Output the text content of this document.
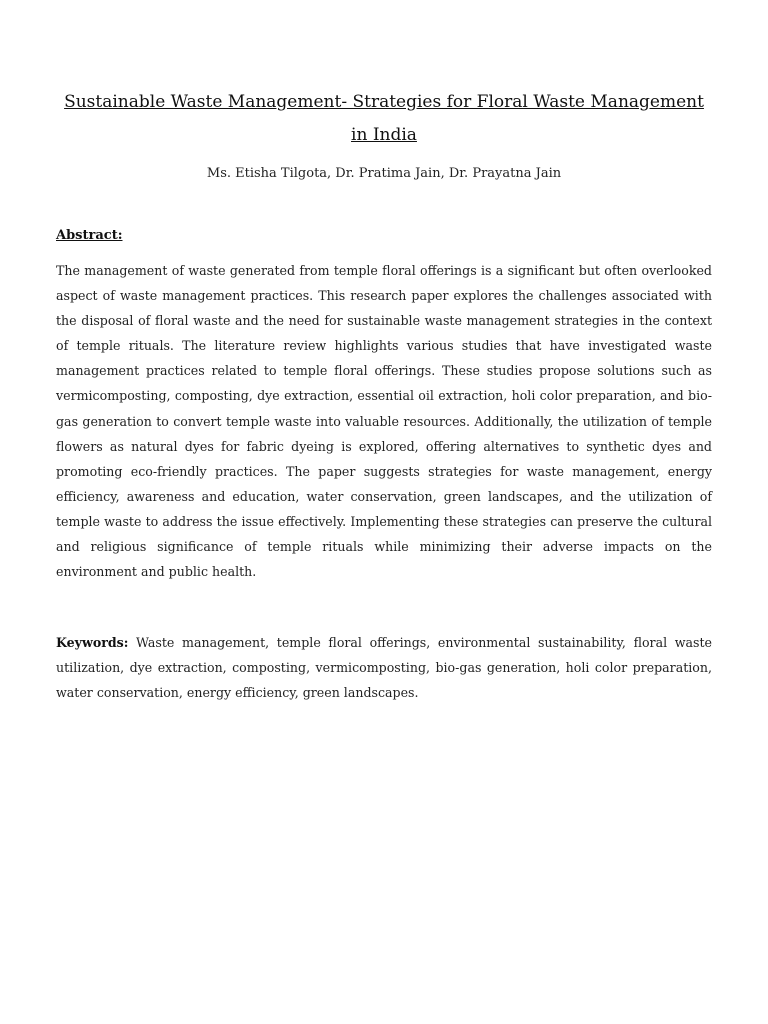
Sustainable Waste Management- Strategies for Floral Waste Management in India
Ms. Etisha Tilgota, Dr. Pratima Jain, Dr. Prayatna Jain
Abstract:

The management of waste generated from temple floral offerings is a significant but often overlooked aspect of waste management practices. This research paper explores the challenges associated with the disposal of floral waste and the need for sustainable waste management strategies in the context of temple rituals. The literature review highlights various studies that have investigated waste management practices related to temple floral offerings. These studies propose solutions such as vermicomposting, composting, dye extraction, essential oil extraction, holi color preparation, and bio-gas generation to convert temple waste into valuable resources. Additionally, the utilization of temple flowers as natural dyes for fabric dyeing is explored, offering alternatives to synthetic dyes and promoting eco-friendly practices. The paper suggests strategies for waste management, energy efficiency, awareness and education, water conservation, green landscapes, and the utilization of temple waste to address the issue effectively. Implementing these strategies can preserve the cultural and religious significance of temple rituals while minimizing their adverse impacts on the environment and public health.

Keywords: Waste management, temple floral offerings, environmental sustainability, floral waste utilization, dye extraction, composting, vermicomposting, bio-gas generation, holi color preparation, water conservation, energy efficiency, green landscapes.
